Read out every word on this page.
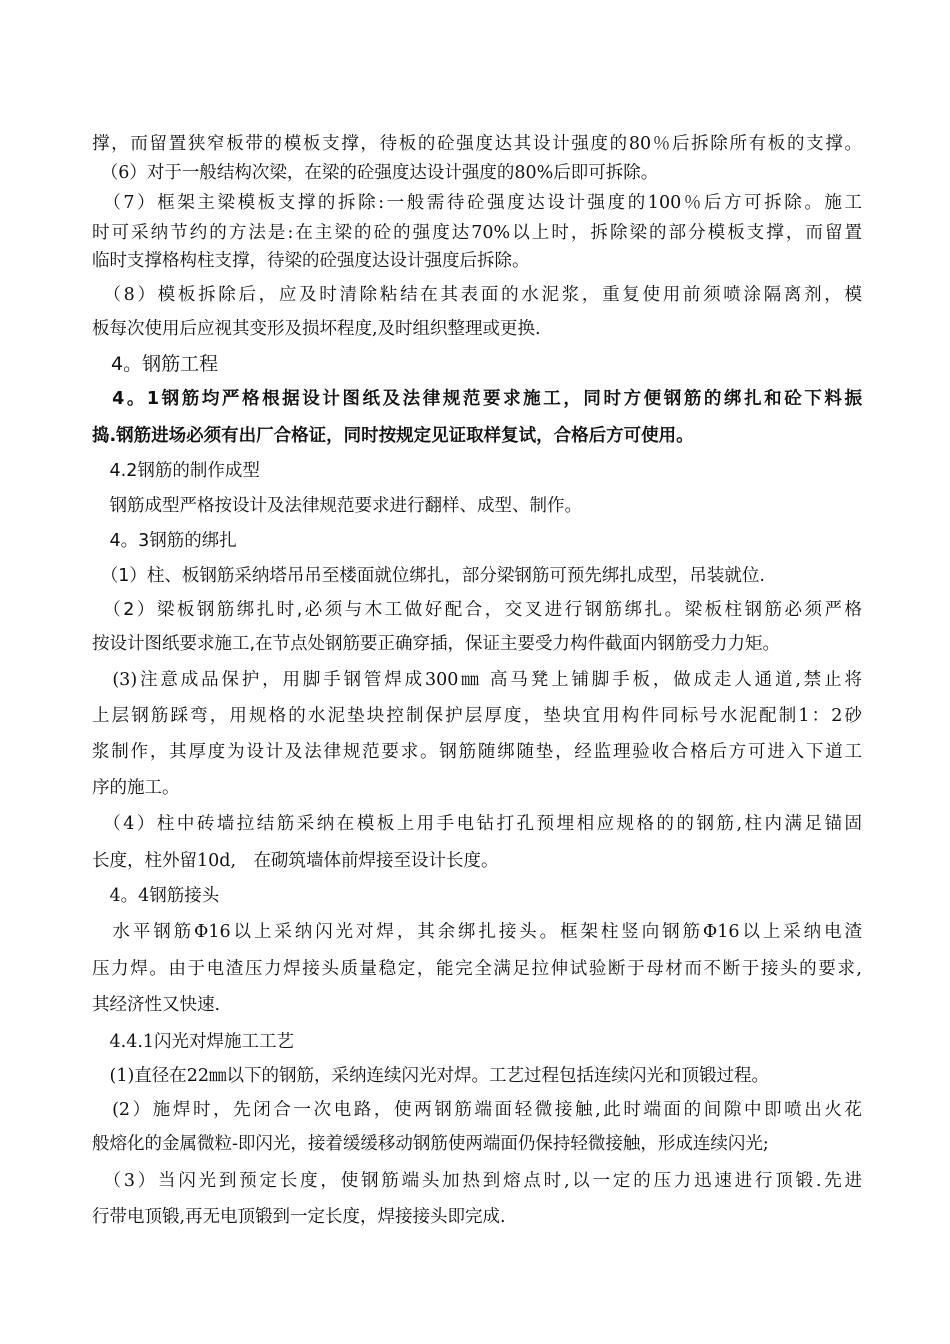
撑，而留置狭窄板带的模板支撑，待板的砼强度达其设计强度的80％后拆除所有板的支撑。
　（6）对于一般结构次梁，在梁的砼强度达设计强度的80%后即可拆除。
　（7）框架主梁模板支撑的拆除:一般需待砼强度达设计强度的100％后方可拆除。施工
时可采纳节约的方法是:在主梁的砼的强度达70%以上时，拆除梁的部分模板支撑，而留置
临时支撑格构柱支撑，待梁的砼强度达设计强度后拆除。
　（8）模板拆除后，应及时清除粘结在其表面的水泥浆，重复使用前须喷涂隔离剂，模
板每次使用后应视其变形及损坏程度,及时组织整理或更换.
　4。钢筋工程
　4。1钢筋均严格根据设计图纸及法律规范要求施工，同时方便钢筋的绑扎和砼下料振
捣.钢筋进场必须有出厂合格证，同时按规定见证取样复试，合格后方可使用。
　4.2钢筋的制作成型
　钢筋成型严格按设计及法律规范要求进行翻样、成型、制作。
　4。3钢筋的绑扎
　（1）柱、板钢筋采纳塔吊吊至楼面就位绑扎，部分梁钢筋可预先绑扎成型，吊装就位.
　（2）梁板钢筋绑扎时,必须与木工做好配合，交叉进行钢筋绑扎。梁板柱钢筋必须严格
按设计图纸要求施工,在节点处钢筋要正确穿插，保证主要受力构件截面内钢筋受力力矩。
　(3)注意成品保护，用脚手钢管焊成300㎜ 高马凳上铺脚手板，做成走人通道,禁止将
上层钢筋踩弯，用规格的水泥垫块控制保护层厚度，垫块宜用构件同标号水泥配制1：2砂
浆制作，其厚度为设计及法律规范要求。钢筋随绑随垫，经监理验收合格后方可进入下道工
序的施工。
　（4）柱中砖墙拉结筋采纳在模板上用手电钻打孔预埋相应规格的的钢筋,柱内满足锚固
长度，柱外留10d,　在砌筑墙体前焊接至设计长度。
　4。4钢筋接头
　水平钢筋Φ16以上采纳闪光对焊，其余绑扎接头。框架柱竖向钢筋Φ16以上采纳电渣
压力焊。由于电渣压力焊接头质量稳定，能完全满足拉伸试验断于母材而不断于接头的要求,
其经济性又快速.
　4.4.1闪光对焊施工工艺
　(1)直径在22㎜以下的钢筋，采纳连续闪光对焊。工艺过程包括连续闪光和顶锻过程。
　(2）施焊时，先闭合一次电路，使两钢筋端面轻微接触,此时端面的间隙中即喷出火花
般熔化的金属微粒-即闪光，接着缓缓移动钢筋使两端面仍保持轻微接触，形成连续闪光;
　（3）当闪光到预定长度，使钢筋端头加热到熔点时,以一定的压力迅速进行顶锻.先进
行带电顶锻,再无电顶锻到一定长度，焊接接头即完成.
